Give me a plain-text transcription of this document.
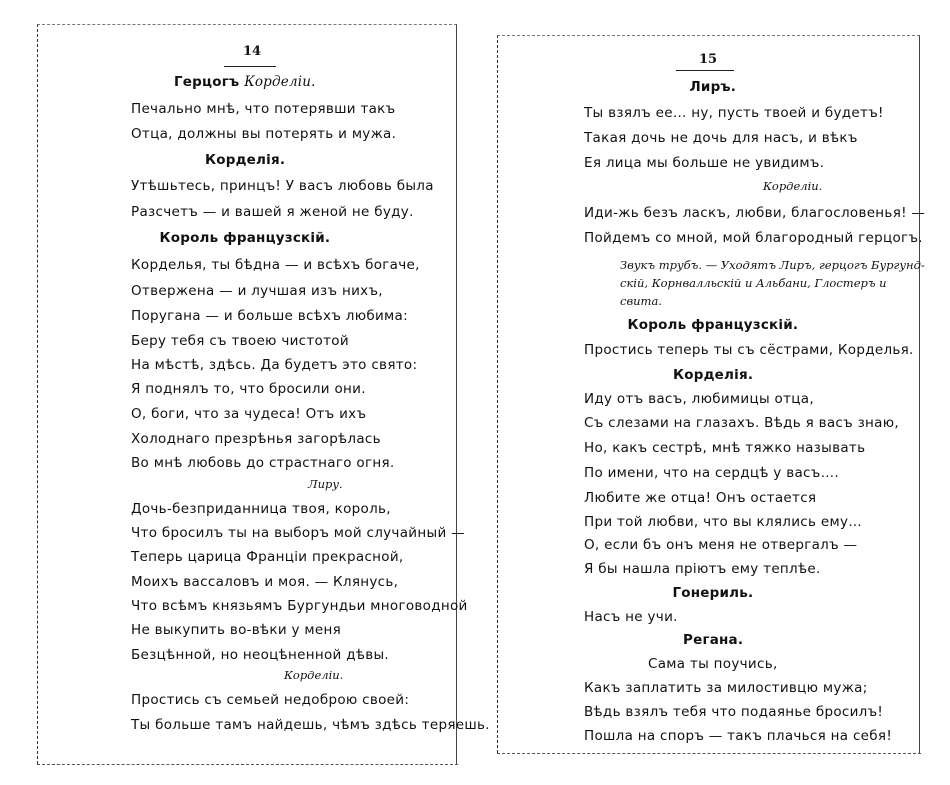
14
15
Герцогъ Корделiи.
Печально мнѣ, что потерявши такъ
Отца, должны вы потерять и мужа.
Корделiя.
Утѣшьтесь, принцъ! У васъ любовь была
Разсчетъ — и вашей я женой не буду.
Король французскiй.
Корделья, ты бѣдна — и всѣхъ богаче,
Отвержена — и лучшая изъ нихъ,
Поругана — и больше всѣхъ любима:
Беру тебя съ твоею чистотой
На мѣстѣ, здѣсь. Да будетъ это свято:
Я поднялъ то, что бросили они.
О, боги, что за чудеса! Отъ ихъ
Холоднаго презрѣнья загорѣлась
Во мнѣ любовь до страстнаго огня.
Лиру.
Дочь-безприданница твоя, король,
Что бросилъ ты на выборъ мой случайный —
Теперь царица Францiи прекрасной,
Моихъ вассаловъ и моя. — Клянусь,
Что всѣмъ князьямъ Бургундьи многоводной
Не выкупить во-вѣки у меня
Безцѣнной, но неоцѣненной дѣвы.
Корделiи.
Простись съ семьей недоброю своей:
Ты больше тамъ найдешь, чѣмъ здѣсь теряешь.
Лиръ.
Ты взялъ ее… ну, пусть твоей и будетъ!
Такая дочь не дочь для насъ, и вѣкъ
Ея лица мы больше не увидимъ.
Корделiи.
Иди-жь безъ ласкъ, любви, благословенья! —
Пойдемъ со мной, мой благородный герцогъ.
Звукъ трубъ. — Уходятъ Лиръ, герцогъ Бургунд-
скiй, Корнвалльскiй и Альбани, Глостеръ и
свита.
Король французскiй.
Простись теперь ты съ сёстрами, Корделья.
Корделiя.
Иду отъ васъ, любимицы отца,
Съ слезами на глазахъ. Вѣдь я васъ знаю,
Но, какъ сестрѣ, мнѣ тяжко называть
По имени, что на сердцѣ у васъ….
Любите же отца! Онъ остается
При той любви, что вы клялись ему…
О, если бъ онъ меня не отвергалъ —
Я бы нашла прiютъ ему теплѣе.
Гонериль.
Насъ не учи.
Регана.
Сама ты поучись,
Какъ заплатить за милостивцю мужа;
Вѣдь взялъ тебя что подаянье бросилъ!
Пошла на споръ — такъ плачься на себя!
